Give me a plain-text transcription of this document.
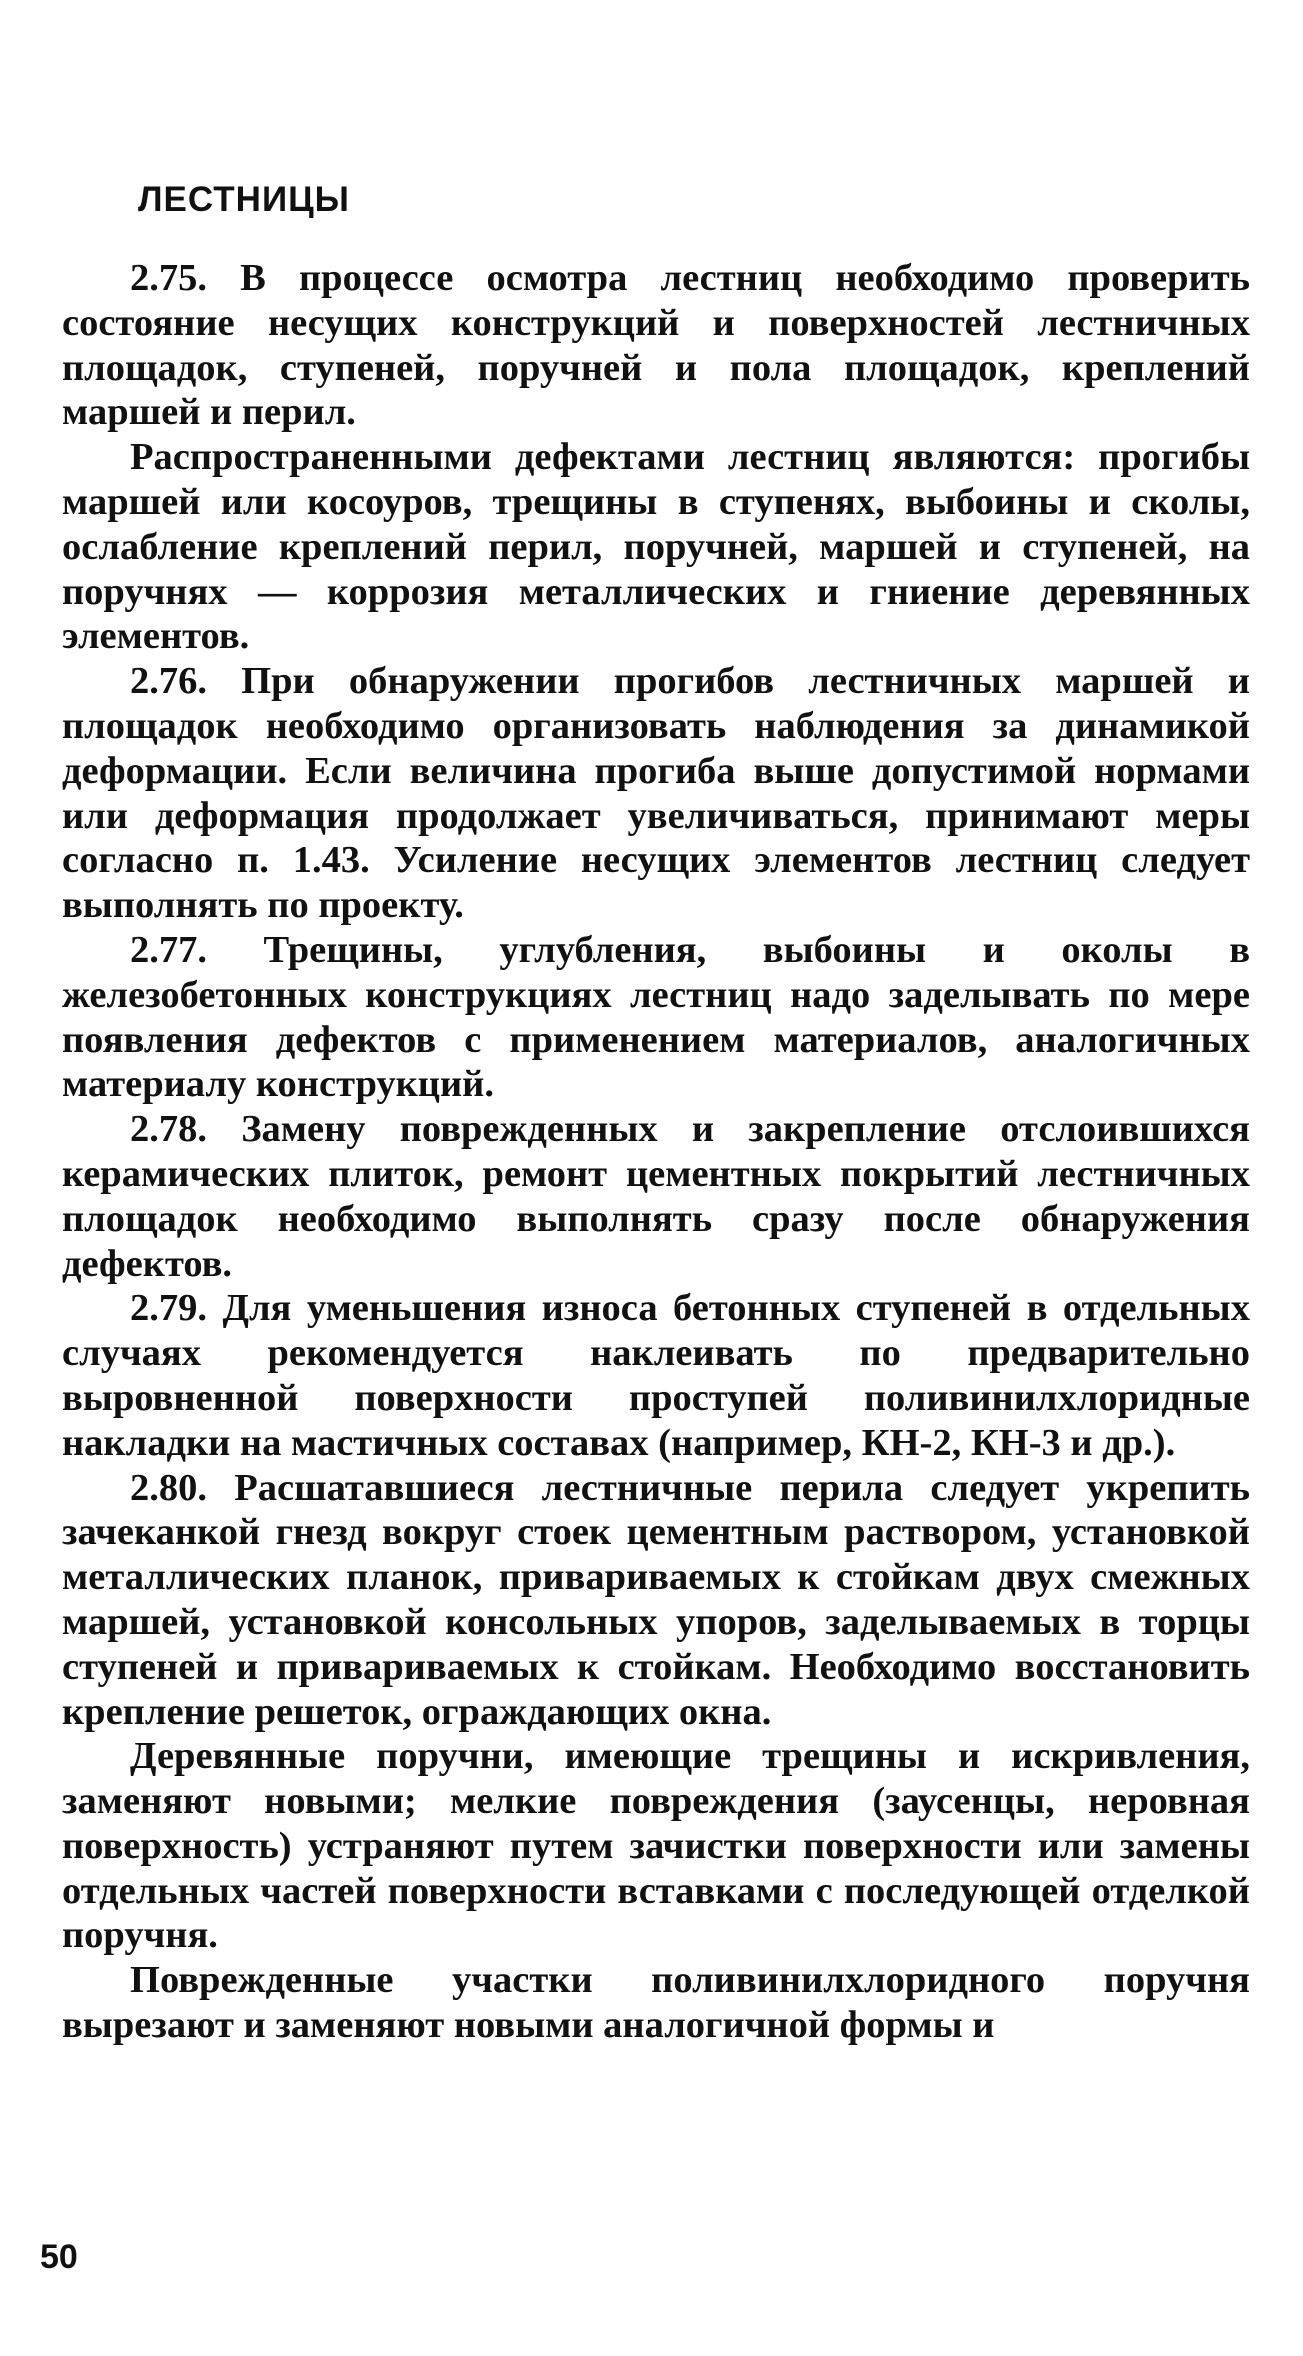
ЛЕСТНИЦЫ

2.75. В процессе осмотра лестниц необходимо проверить состояние несущих конструкций и поверхностей лестничных площадок, ступеней, поручней и пола площадок, креплений маршей и перил.

Распространенными дефектами лестниц являются: прогибы маршей или косоуров, трещины в ступенях, выбоины и сколы, ослабление креплений перил, поручней, маршей и ступеней, на поручнях — коррозия металлических и гниение деревянных элементов.

2.76. При обнаружении прогибов лестничных маршей и площадок необходимо организовать наблюдения за динамикой деформации. Если величина прогиба выше допустимой нормами или деформация продолжает увеличиваться, принимают меры согласно п. 1.43. Усиление несущих элементов лестниц следует выполнять по проекту.

2.77. Трещины, углубления, выбоины и околы в железобетонных конструкциях лестниц надо заделывать по мере появления дефектов с применением материалов, аналогичных материалу конструкций.

2.78. Замену поврежденных и закрепление отслоившихся керамических плиток, ремонт цементных покрытий лестничных площадок необходимо выполнять сразу после обнаружения дефектов.

2.79. Для уменьшения износа бетонных ступеней в отдельных случаях рекомендуется наклеивать по предварительно выровненной поверхности проступей поливинилхлоридные накладки на мастичных составах (например, КН-2, КН-3 и др.).

2.80. Расшатавшиеся лестничные перила следует укрепить зачеканкой гнезд вокруг стоек цементным раствором, установкой металлических планок, привариваемых к стойкам двух смежных маршей, установкой консольных упоров, заделываемых в торцы ступеней и привариваемых к стойкам. Необходимо восстановить крепление решеток, ограждающих окна.

Деревянные поручни, имеющие трещины и искривления, заменяют новыми; мелкие повреждения (заусенцы, неровная поверхность) устраняют путем зачистки поверхности или замены отдельных частей поверхности вставками с последующей отделкой поручня.

Поврежденные участки поливинилхлоридного поручня вырезают и заменяют новыми аналогичной формы и

50
